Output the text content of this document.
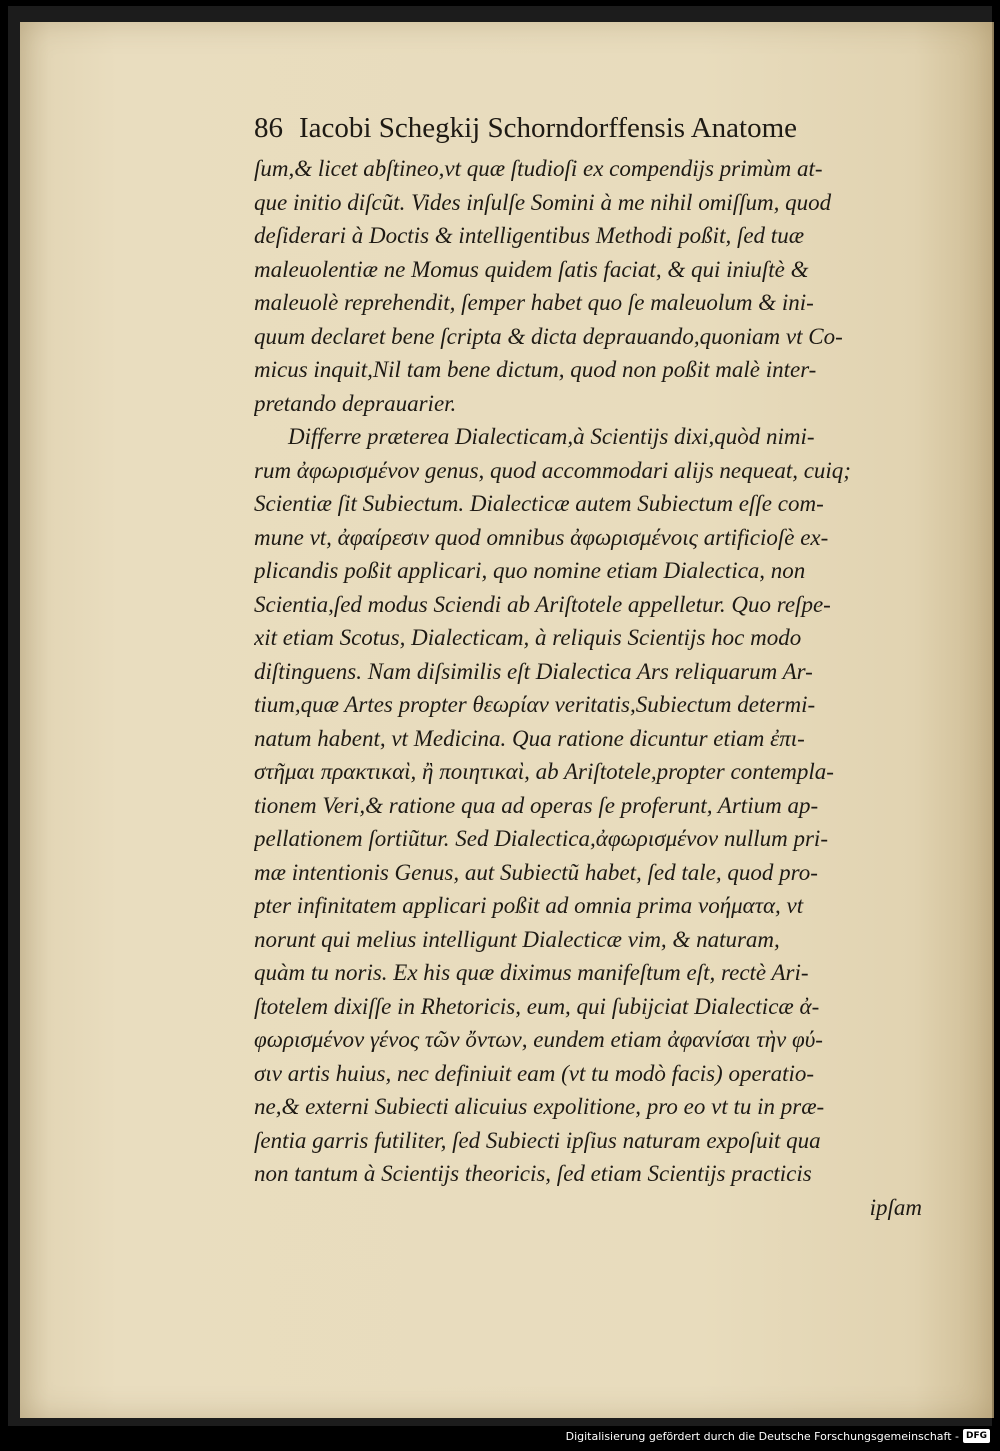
86 Iacobi Schegkij Schorndorffensis Anatome
ſum,& licet abſtineo,vt quæ ſtudioſi ex compendijs primùm at-
que initio diſcũt. Vides inſulſe Somini à me nihil omiſſum, quod
deſiderari à Doctis & intelligentibus Methodi poßit, ſed tuæ
maleuolentiæ ne Momus quidem ſatis faciat, & qui iniuſtè &
maleuolè reprehendit, ſemper habet quo ſe maleuolum & ini-
quum declaret bene ſcripta & dicta deprauando,quoniam vt Co-
micus inquit,Nil tam bene dictum, quod non poßit malè inter-
pretando deprauarier.
Differre præterea Dialecticam,à Scientijs dixi,quòd nimi-
rum ἀφωρισμένον genus, quod accommodari alijs nequeat, cuiq;
Scientiæ ſit Subiectum. Dialecticæ autem Subiectum eſſe com-
mune vt, ἀφαίρεσιν quod omnibus ἀφωρισμένοις artificioſè ex-
plicandis poßit applicari, quo nomine etiam Dialectica, non
Scientia,ſed modus Sciendi ab Ariſtotele appelletur. Quo reſpe-
xit etiam Scotus, Dialecticam, à reliquis Scientijs hoc modo
diſtinguens. Nam diſsimilis eſt Dialectica Ars reliquarum Ar-
tium,quæ Artes propter θεωρίαν veritatis,Subiectum determi-
natum habent, vt Medicina. Qua ratione dicuntur etiam ἐπι-
στῆμαι πρακτικαὶ, ἢ ποιητικαὶ, ab Ariſtotele,propter contempla-
tionem Veri,& ratione qua ad operas ſe proferunt, Artium ap-
pellationem ſortiũtur. Sed Dialectica,ἀφωρισμένον nullum pri-
mæ intentionis Genus, aut Subiectũ habet, ſed tale, quod pro-
pter infinitatem applicari poßit ad omnia prima νοήματα, vt
norunt qui melius intelligunt Dialecticæ vim, & naturam,
quàm tu noris. Ex his quæ diximus manifeſtum eſt, rectè Ari-
ſtotelem dixiſſe in Rhetoricis, eum, qui ſubijciat Dialecticæ ἀ-
φωρισμένον γένος τῶν ὄντων, eundem etiam ἀφανίσαι τὴν φύ-
σιν artis huius, nec definiuit eam (vt tu modò facis) operatio-
ne,& externi Subiecti alicuius expolitione, pro eo vt tu in præ-
ſentia garris futiliter, ſed Subiecti ipſius naturam expoſuit qua
non tantum à Scientijs theoricis, ſed etiam Scientijs practicis
ipſam
Digitalisierung gefördert durch die Deutsche Forschungsgemeinschaft - DFG
